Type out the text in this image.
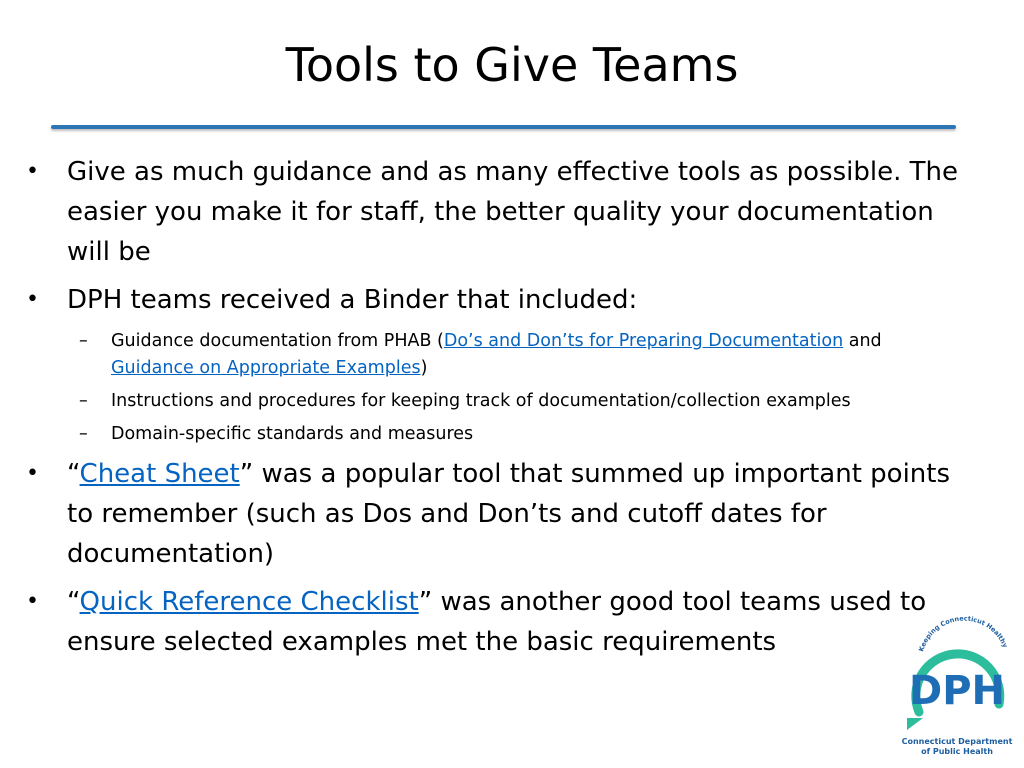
Tools to Give Teams
• Give as much guidance and as many effective tools as possible. The easier you make it for staff, the better quality your documentation will be
• DPH teams received a Binder that included:
–	Guidance documentation from PHAB (Do’s and Don’ts for Preparing Documentation and
Guidance on Appropriate Examples)
–	Instructions and procedures for keeping track of documentation/collection examples
–	Domain-specific standards and measures
• “Cheat Sheet” was a popular tool that summed up important points to remember (such as Dos and Don’ts and cutoff dates for documentation)
• “Quick Reference Checklist” was another good tool teams used to ensure selected examples met the basic requirements	Keeping Connecticut Healthy
DPH
Connecticut Department
of Public Health
